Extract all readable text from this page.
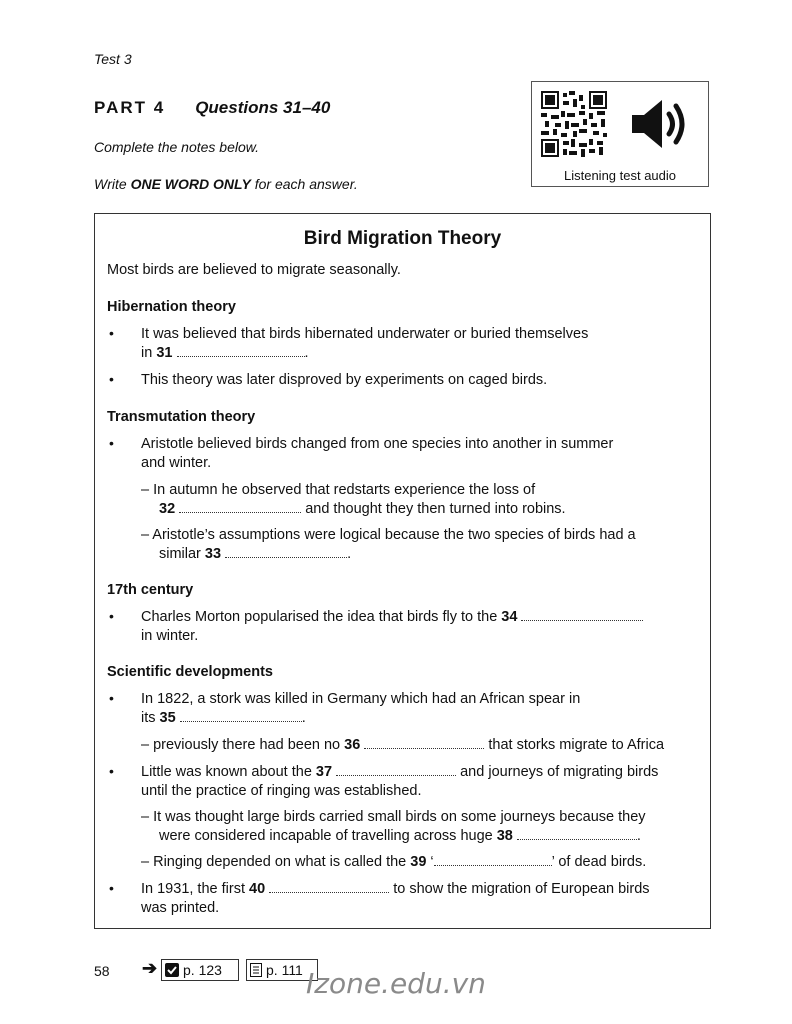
Test 3
PART 4 Questions 31–40
Complete the notes below.
Write ONE WORD ONLY for each answer.
Listening test audio
Bird Migration Theory
Most birds are believed to migrate seasonally.
Hibernation theory
• It was believed that birds hibernated underwater or buried themselves
in 31	.
• This theory was later disproved by experiments on caged birds.
Transmutation theory
• Aristotle believed birds changed from one species into another in summer
and winter.
– In autumn he observed that redstarts experience the loss of
32	and thought they then turned into robins.
– Aristotle’s assumptions were logical because the two species of birds had a
similar 33	.
17th century
• Charles Morton popularised the idea that birds fly to the 34
in winter.
Scientific developments
• In 1822, a stork was killed in Germany which had an African spear in
its 35	.
– previously there had been no 36	that storks migrate to Africa
• Little was known about the 37	and journeys of migrating birds
until the practice of ringing was established.
– It was thought large birds carried small birds on some journeys because they
were considered incapable of travelling across huge 38	.
– Ringing depended on what is called the 39 ‘	’ of dead birds.
• In 1931, the first 40	to show the migration of European birds
was printed.
58 ➔ p. 123	p. 111 Izone.edu.vn
